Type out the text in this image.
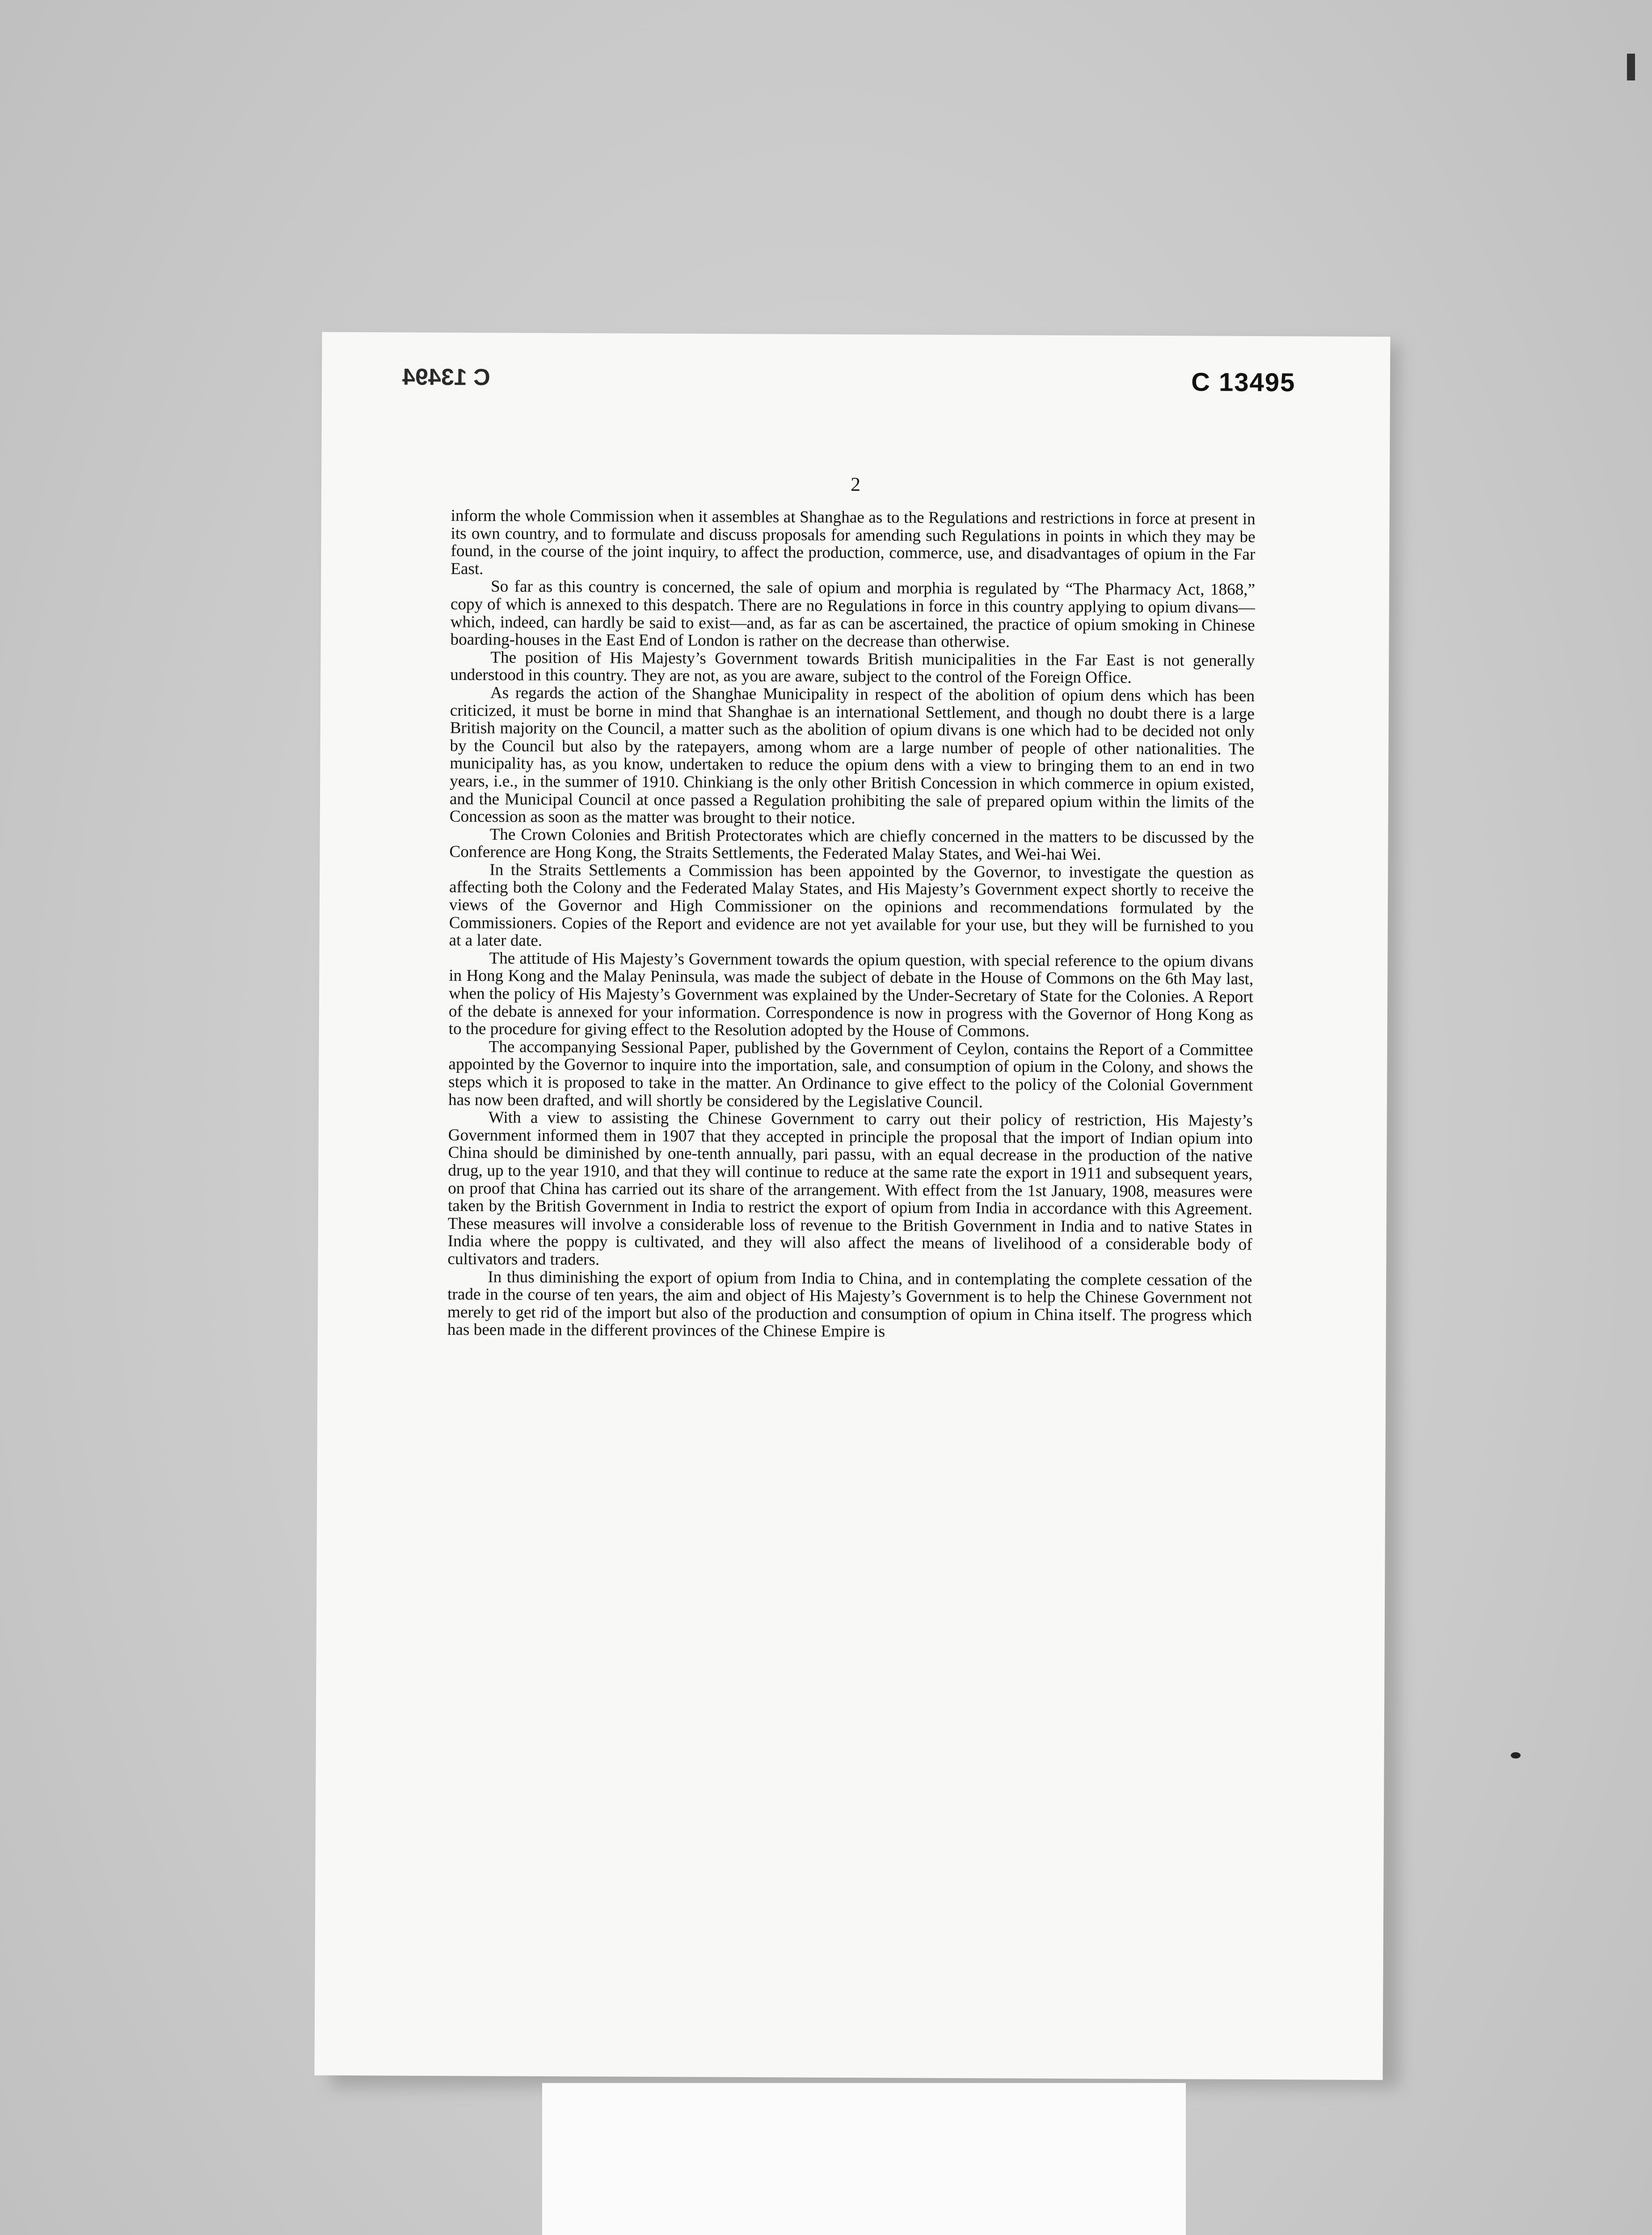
C 13494	C 13495
2

inform the whole Commission when it assembles at Shanghae as to the Regulations and restrictions in force at present in its own country, and to formulate and discuss proposals for amending such Regulations in points in which they may be found, in the course of the joint inquiry, to affect the production, commerce, use, and disadvantages of opium in the Far East.

So far as this country is concerned, the sale of opium and morphia is regulated by “The Pharmacy Act, 1868,” copy of which is annexed to this despatch. There are no Regulations in force in this country applying to opium divans—which, indeed, can hardly be said to exist—and, as far as can be ascertained, the practice of opium smoking in Chinese boarding-houses in the East End of London is rather on the decrease than otherwise.

The position of His Majesty’s Government towards British municipalities in the Far East is not generally understood in this country. They are not, as you are aware, subject to the control of the Foreign Office.

As regards the action of the Shanghae Municipality in respect of the abolition of opium dens which has been criticized, it must be borne in mind that Shanghae is an international Settlement, and though no doubt there is a large British majority on the Council, a matter such as the abolition of opium divans is one which had to be decided not only by the Council but also by the ratepayers, among whom are a large number of people of other nationalities. The municipality has, as you know, undertaken to reduce the opium dens with a view to bringing them to an end in two years, i.e., in the summer of 1910. Chinkiang is the only other British Concession in which commerce in opium existed, and the Municipal Council at once passed a Regulation prohibiting the sale of prepared opium within the limits of the Concession as soon as the matter was brought to their notice.

The Crown Colonies and British Protectorates which are chiefly concerned in the matters to be discussed by the Conference are Hong Kong, the Straits Settlements, the Federated Malay States, and Wei-hai Wei.

In the Straits Settlements a Commission has been appointed by the Governor, to investigate the question as affecting both the Colony and the Federated Malay States, and His Majesty’s Government expect shortly to receive the views of the Governor and High Commissioner on the opinions and recommendations formulated by the Commissioners. Copies of the Report and evidence are not yet available for your use, but they will be furnished to you at a later date.

The attitude of His Majesty’s Government towards the opium question, with special reference to the opium divans in Hong Kong and the Malay Peninsula, was made the subject of debate in the House of Commons on the 6th May last, when the policy of His Majesty’s Government was explained by the Under-Secretary of State for the Colonies. A Report of the debate is annexed for your information. Correspondence is now in progress with the Governor of Hong Kong as to the procedure for giving effect to the Resolution adopted by the House of Commons.

The accompanying Sessional Paper, published by the Government of Ceylon, contains the Report of a Committee appointed by the Governor to inquire into the importation, sale, and consumption of opium in the Colony, and shows the steps which it is proposed to take in the matter. An Ordinance to give effect to the policy of the Colonial Government has now been drafted, and will shortly be considered by the Legislative Council.

With a view to assisting the Chinese Government to carry out their policy of restriction, His Majesty’s Government informed them in 1907 that they accepted in principle the proposal that the import of Indian opium into China should be diminished by one-tenth annually, pari passu, with an equal decrease in the production of the native drug, up to the year 1910, and that they will continue to reduce at the same rate the export in 1911 and subsequent years, on proof that China has carried out its share of the arrangement. With effect from the 1st January, 1908, measures were taken by the British Government in India to restrict the export of opium from India in accordance with this Agreement. These measures will involve a considerable loss of revenue to the British Government in India and to native States in India where the poppy is cultivated, and they will also affect the means of livelihood of a considerable body of cultivators and traders.

In thus diminishing the export of opium from India to China, and in contemplating the complete cessation of the trade in the course of ten years, the aim and object of His Majesty’s Government is to help the Chinese Government not merely to get rid of the import but also of the production and consumption of opium in China itself. The progress which has been made in the different provinces of the Chinese Empire is
